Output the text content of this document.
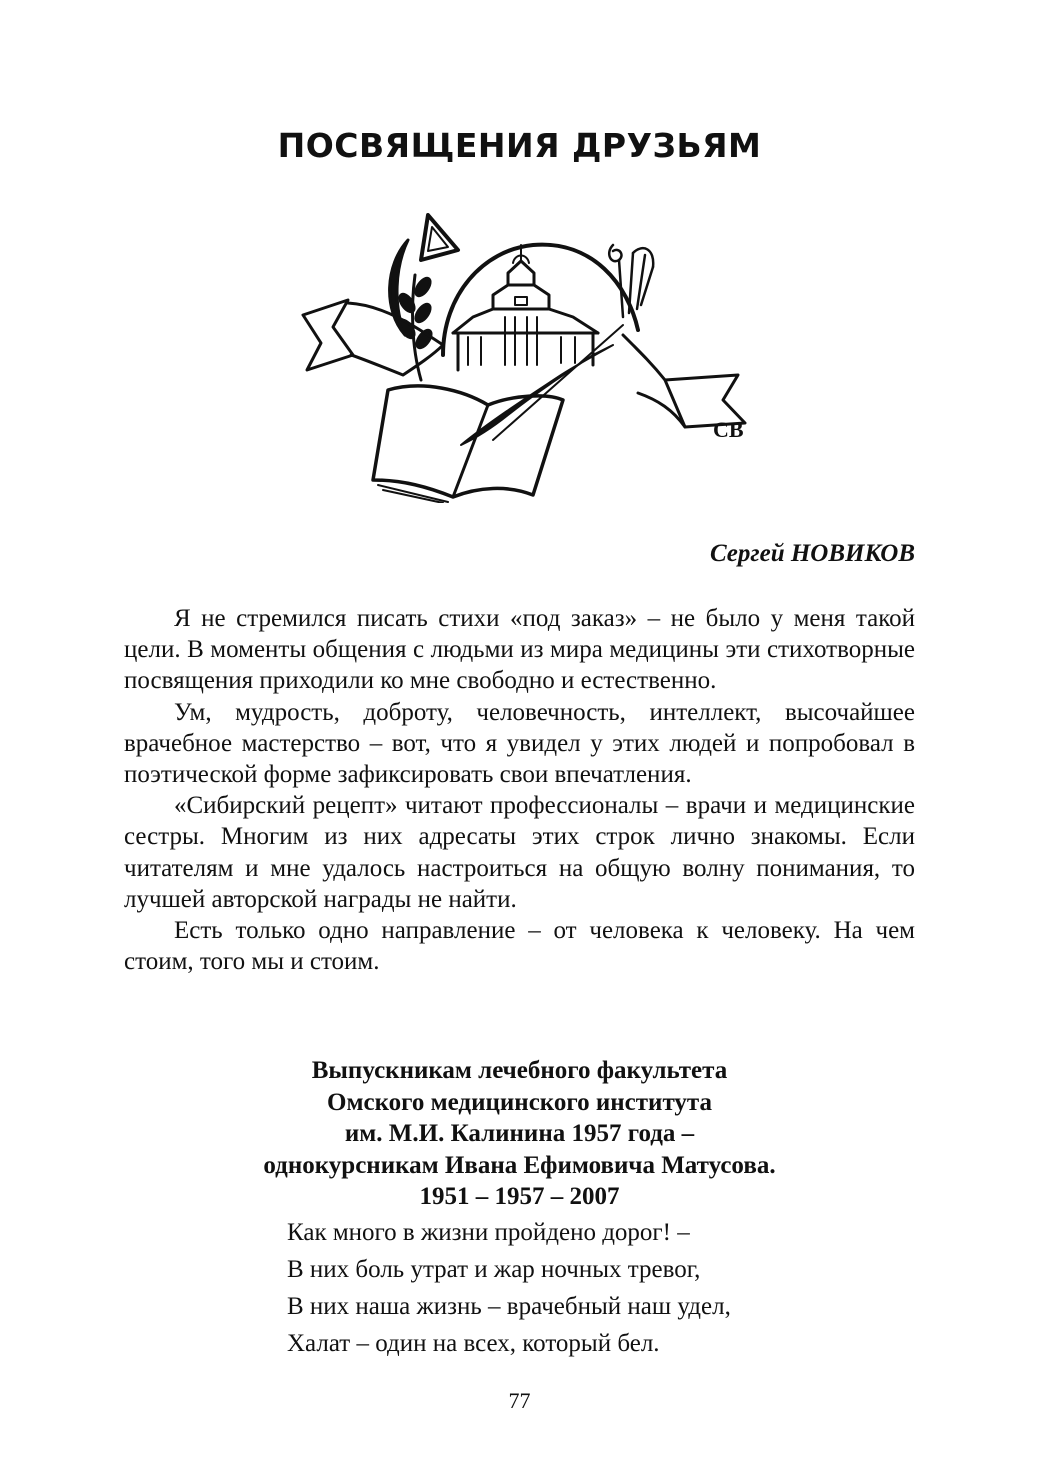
ПОСВЯЩЕНИЯ ДРУЗЬЯМ
СВ
Сергей НОВИКОВ

Я не стремился писать стихи «под заказ» – не было у меня такой цели. В моменты общения с людьми из мира медицины эти стихотворные посвящения приходили ко мне свободно и естественно.

Ум, мудрость, доброту, человечность, интеллект, высочайшее врачебное мастерство – вот, что я увидел у этих людей и попробовал в поэтической форме зафиксировать свои впечатления.

«Сибирский рецепт» читают профессионалы – врачи и медицинские сестры. Многим из них адресаты этих строк лично знакомы. Если читателям и мне удалось настроиться на общую волну понимания, то лучшей авторской награды не найти.

Есть только одно направление – от человека к человеку. На чем стоим, того мы и стоим.

Выпускникам лечебного факультета
Омского медицинского института
им. М.И. Калинина 1957 года –
однокурсникам Ивана Ефимовича Матусова.
1951 – 1957 – 2007
Как много в жизни пройдено дорог! –
В них боль утрат и жар ночных тревог,
В них наша жизнь – врачебный наш удел,
Халат – один на всех, который бел.
77
